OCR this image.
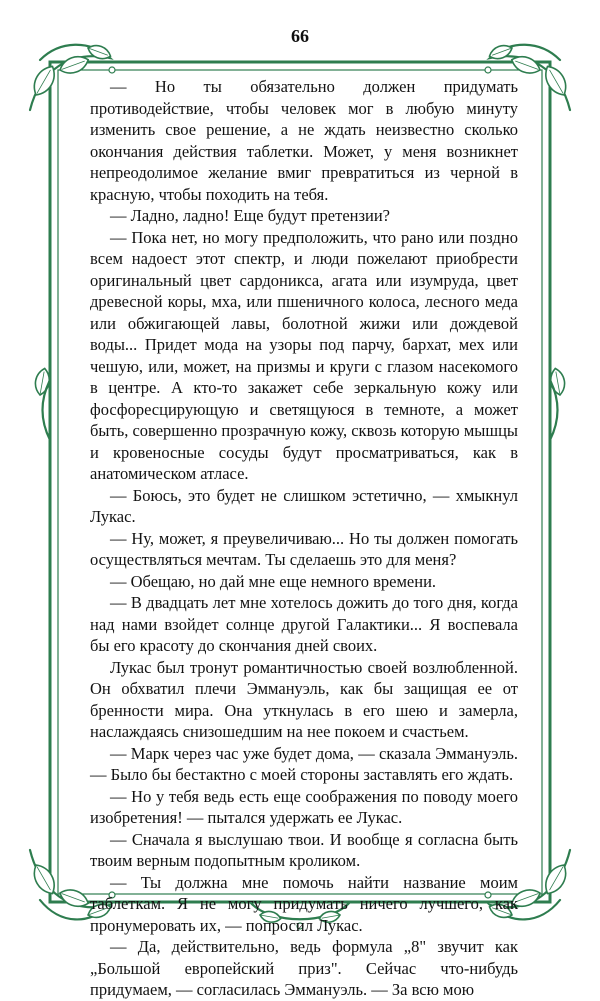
66

— Но ты обязательно должен придумать противодействие, чтобы человек мог в любую минуту изменить свое решение, а не ждать неизвестно сколько окончания действия таблетки. Может, у меня возникнет непреодолимое желание вмиг превратиться из черной в красную, чтобы походить на тебя.

— Ладно, ладно! Еще будут претензии?

— Пока нет, но могу предположить, что рано или поздно всем надоест этот спектр, и люди пожелают приобрести оригинальный цвет сардоникса, агата или изумруда, цвет древесной коры, мха, или пшеничного колоса, лесного меда или обжигающей лавы, болотной жижи или дождевой воды... Придет мода на узоры под парчу, бархат, мех или чешую, или, может, на призмы и круги с глазом насекомого в центре. А кто-то закажет себе зеркальную кожу или фосфоресцирующую и светящуюся в темноте, а может быть, совершенно прозрачную кожу, сквозь которую мышцы и кровеносные сосуды будут просматриваться, как в анатомическом атласе.

— Боюсь, это будет не слишком эстетично, — хмыкнул Лукас.

— Ну, может, я преувеличиваю... Но ты должен помогать осуществляться мечтам. Ты сделаешь это для меня?

— Обещаю, но дай мне еще немного времени.

— В двадцать лет мне хотелось дожить до того дня, когда над нами взойдет солнце другой Галактики... Я воспевала бы его красоту до скончания дней своих.

Лукас был тронут романтичностью своей возлюбленной. Он обхватил плечи Эммануэль, как бы защищая ее от бренности мира. Она уткнулась в его шею и замерла, наслаждаясь снизошедшим на нее покоем и счастьем.

— Марк через час уже будет дома, — сказала Эммануэль. — Было бы бестактно с моей стороны заставлять его ждать.

— Но у тебя ведь есть еще соображения по поводу моего изобретения! — пытался удержать ее Лукас.

— Сначала я выслушаю твои. И вообще я согласна быть твоим верным подопытным кроликом.

— Ты должна мне помочь найти название моим таблеткам. Я не могу придумать ничего лучшего, как пронумеровать их, — попросил Лукас.

— Да, действительно, ведь формула „8" звучит как „Большой европейский приз". Сейчас что-нибудь придумаем, — согласилась Эммануэль. — За всю мою
